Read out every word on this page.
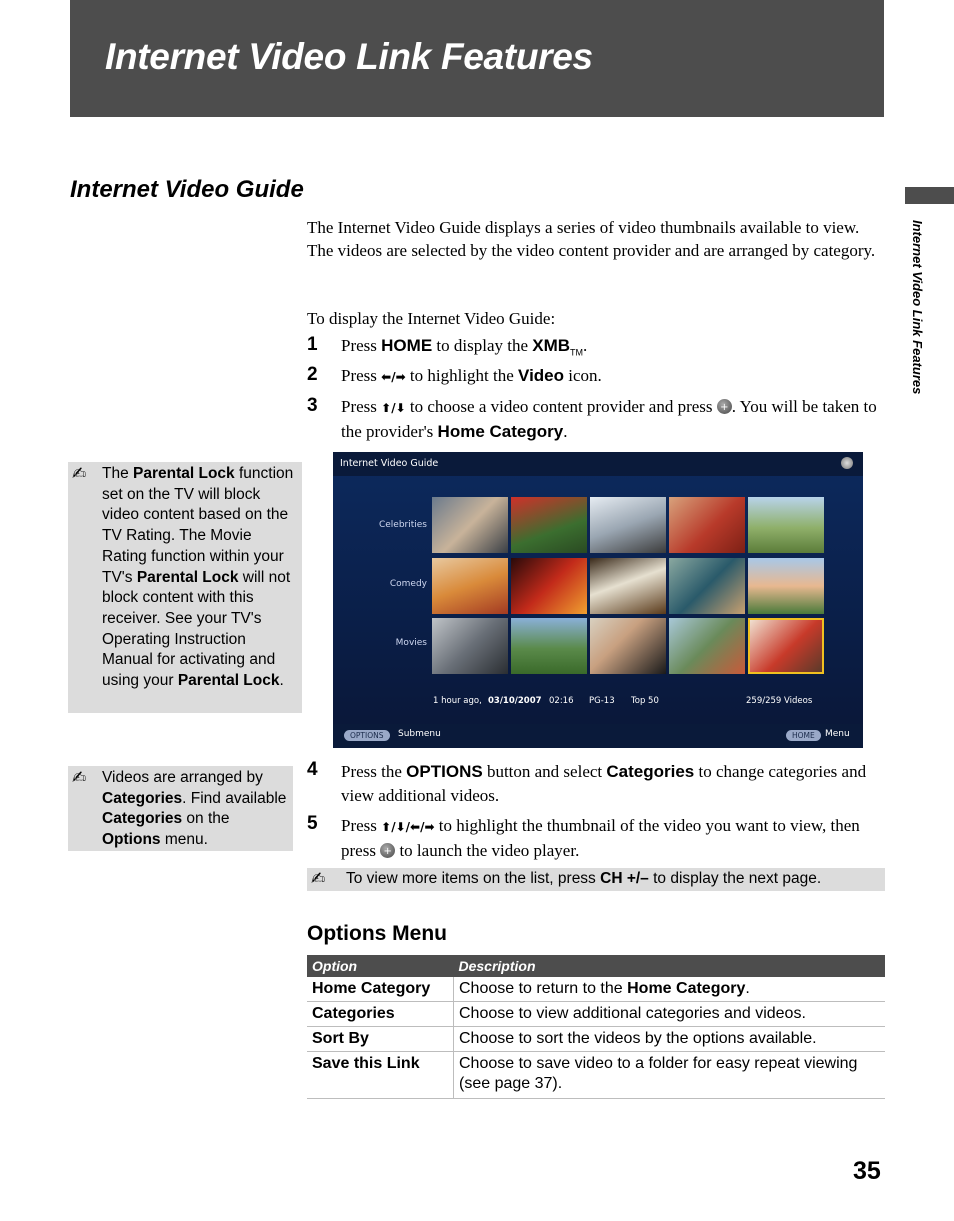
Internet Video Link Features
Internet Video Guide
Internet Video Link Features
The Internet Video Guide displays a series of video thumbnails available to view. The videos are selected by the video content provider and are arranged by category.
To display the Internet Video Guide:
1 Press HOME to display the $XMB_{TM}$.
2 Press ⬅/➡ to highlight the Video icon.
3 Press ⬆/⬇ to choose a video content provider and press +. You will be taken to the provider's Home Category.
✍ The Parental Lock function set on the TV will block video content based on the TV Rating. The Movie Rating function within your TV's Parental Lock will not block content with this receiver. See your TV's Operating Instruction Manual for activating and using your Parental Lock.
Internet Video Guide
Celebrities
Comedy
Movies
1 hour ago, 03/10/2007 02:16 PG-13 Top 50	259/259 Videos
OPTIONS	Submenu	HOME	Menu
4 Press the OPTIONS button and select Categories to change categories and view additional videos.
✍ Videos are arranged by Categories. Find available Categories on the Options menu.
5 Press ⬆/⬇/⬅/➡ to highlight the thumbnail of the video you want to view, then press + to launch the video player.
✍ To view more items on the list, press CH +/– to display the next page.
Options Menu
Option	Description
Home Category	Choose to return to the Home Category.
Categories	Choose to view additional categories and videos.
Sort By	Choose to sort the videos by the options available.
Save this Link	Choose to save video to a folder for easy repeat viewing (see page 37).
35
